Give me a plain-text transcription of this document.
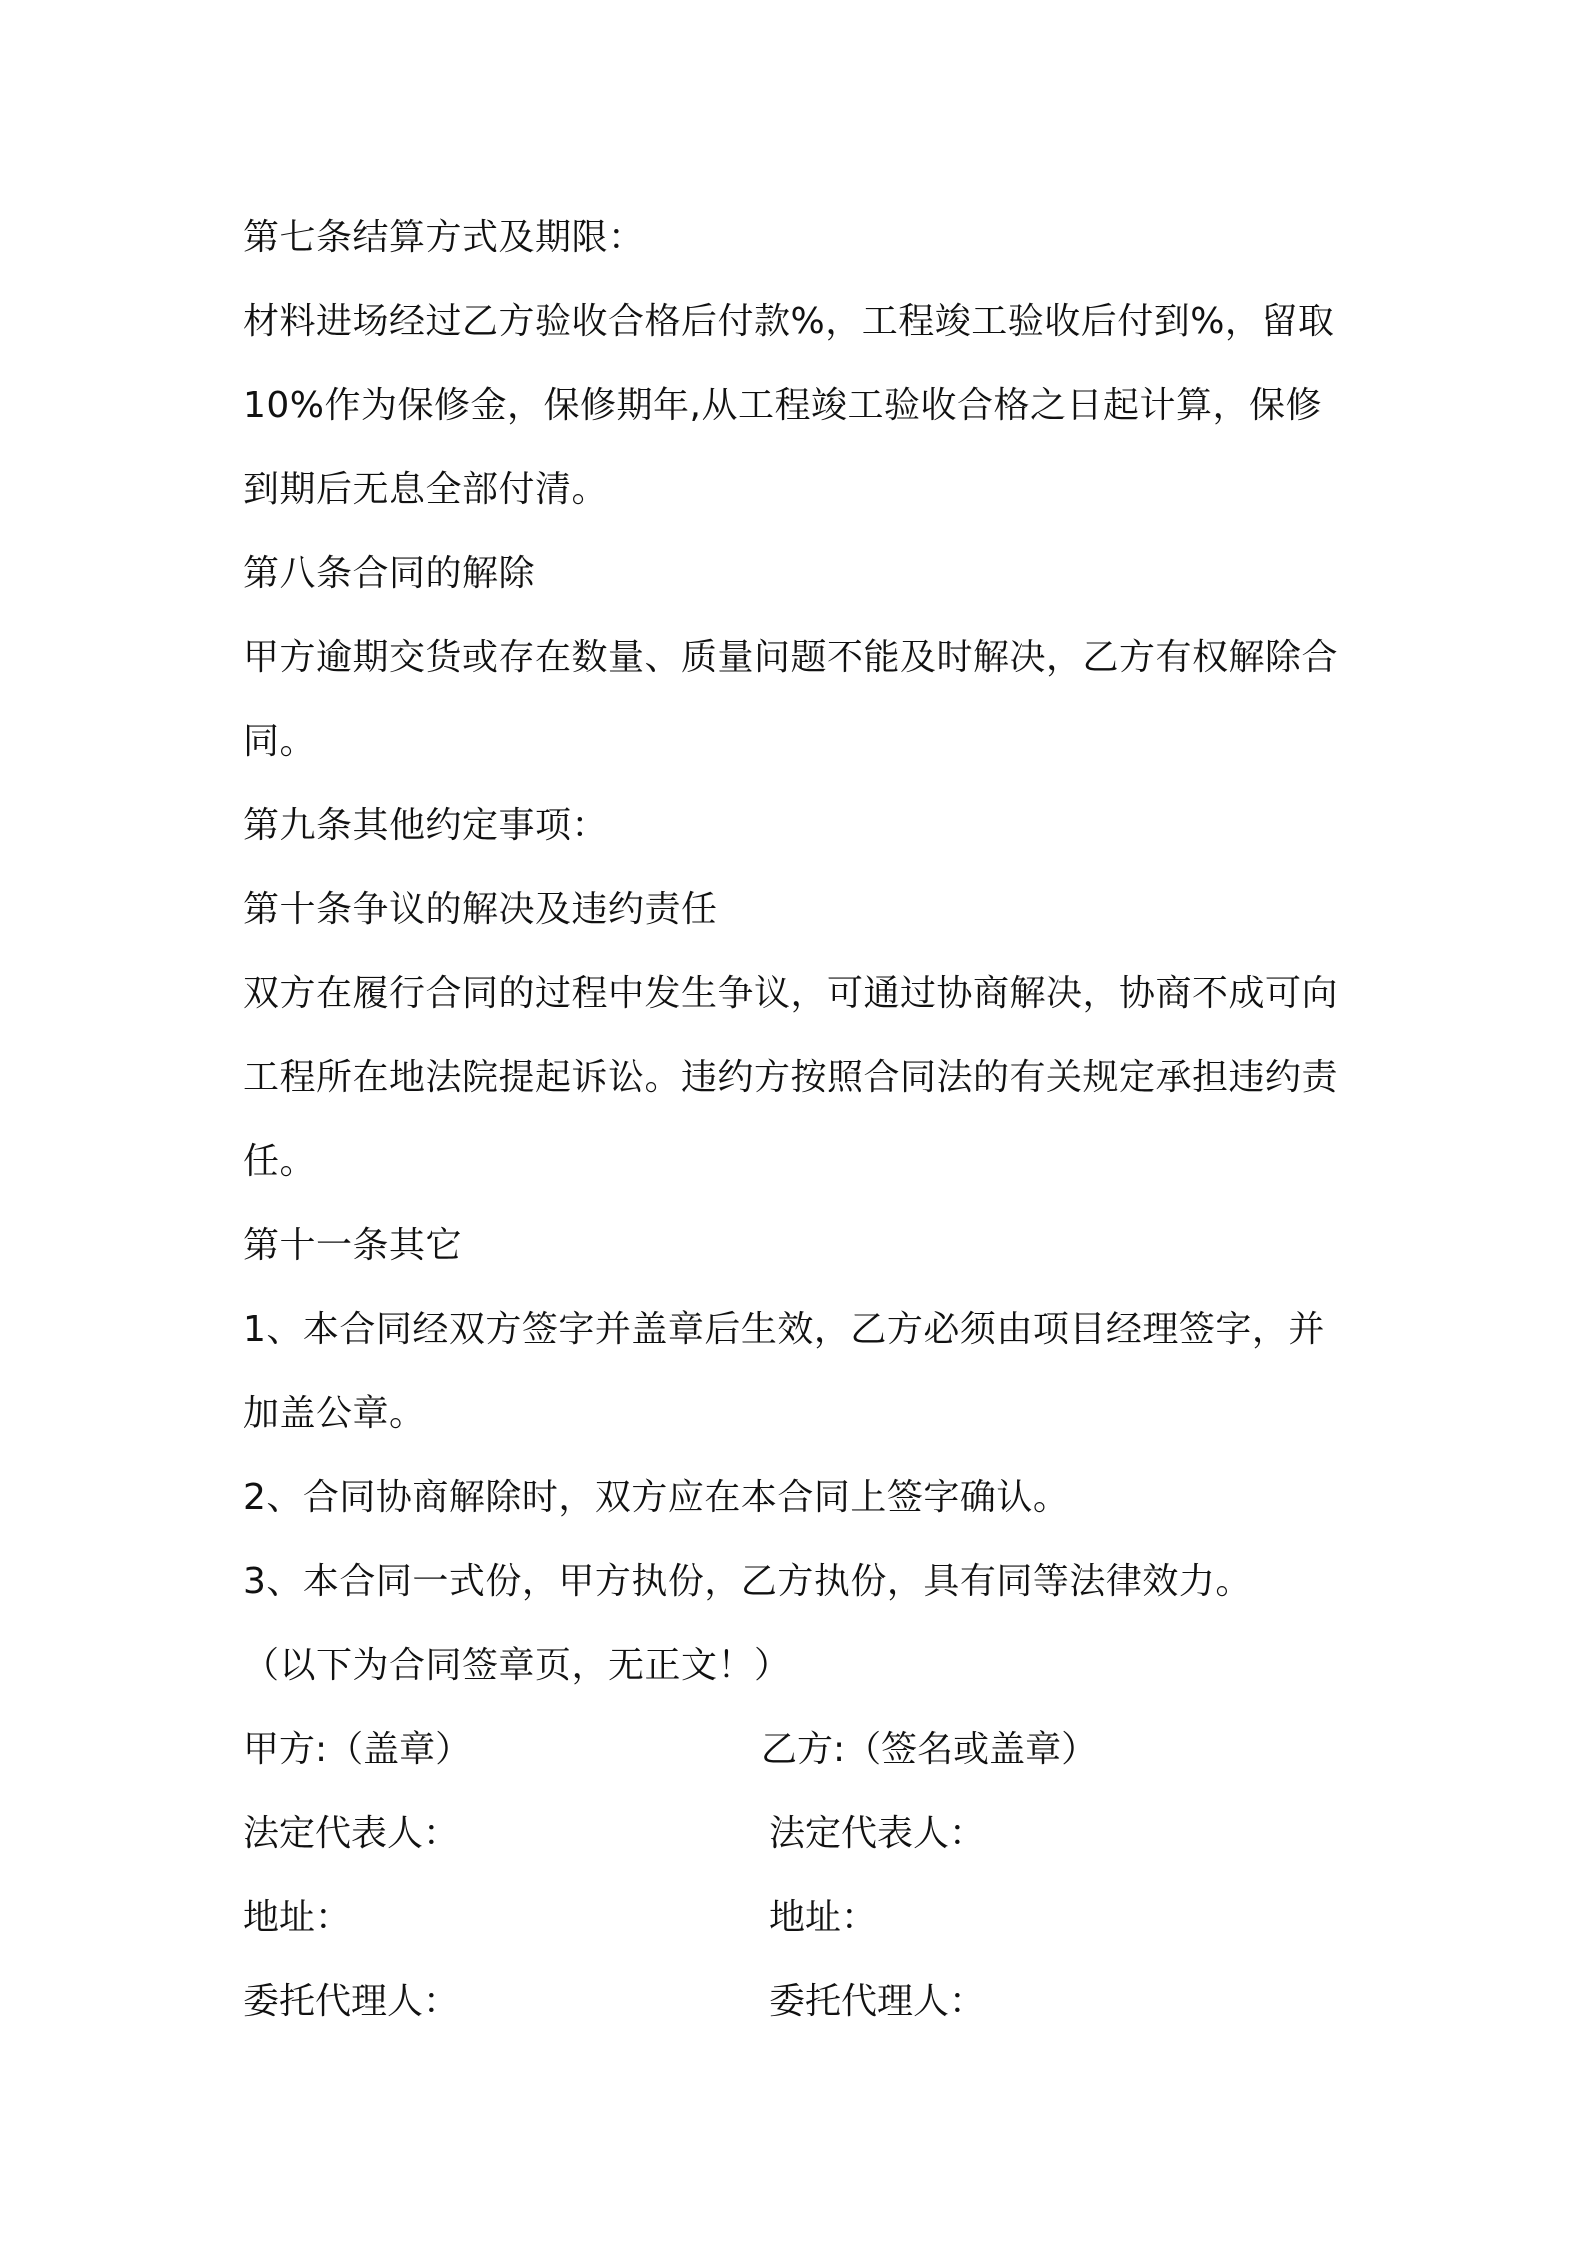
第七条结算方式及期限：
材料进场经过乙方验收合格后付款%，工程竣工验收后付到%，留取
10%作为保修金，保修期年,从工程竣工验收合格之日起计算，保修
到期后无息全部付清。
第八条合同的解除
甲方逾期交货或存在数量、质量问题不能及时解决，乙方有权解除合
同。
第九条其他约定事项：
第十条争议的解决及违约责任
双方在履行合同的过程中发生争议，可通过协商解决，协商不成可向
工程所在地法院提起诉讼。违约方按照合同法的有关规定承担违约责
任。
第十一条其它
1、本合同经双方签字并盖章后生效，乙方必须由项目经理签字，并
加盖公章。
2、合同协商解除时，双方应在本合同上签字确认。
3、本合同一式份，甲方执份，乙方执份，具有同等法律效力。
（以下为合同签章页，无正文！）
甲方:（盖章）	乙方:（签名或盖章）
法定代表人：	法定代表人：
地址：	地址：
委托代理人：	委托代理人：
